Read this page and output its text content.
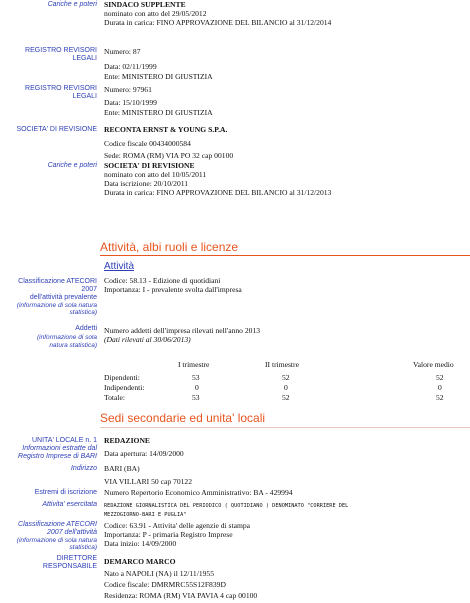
Cariche e poteri SINDACO SUPPLENTE
nominato con atto del 29/05/2012
Durata in carica: FINO APPROVAZIONE DEL BILANCIO al 31/12/2014
REGISTRO REVISORI
LEGALI
Numero: 87
Data: 02/11/1999
Ente: MINISTERO DI GIUSTIZIA
REGISTRO REVISORI
LEGALI
Numero: 97961
Data: 15/10/1999
Ente: MINISTERO DI GIUSTIZIA
SOCIETA' DI REVISIONE RECONTA ERNST & YOUNG S.P.A.
Codice fiscale 00434000584
Sede: ROMA (RM) VIA PO 32 cap 00100
Cariche e poteri SOCIETA' DI REVISIONE
nominato con atto del 10/05/2011
Data iscrizione: 20/10/2011
Durata in carica: FINO APPROVAZIONE DEL BILANCIO al 31/12/2013
Attività, albi ruoli e licenze
Attività
Classificazione ATECORI
2007
dell'attività prevalente
(informazione di sola natura
statistica)
Codice: 58.13 - Edizione di quotidiani
Importanza: I - prevalente svolta dall'impresa
Addetti
(informazione di sola
natura statistica)
Numero addetti dell'impresa rilevati nell'anno 2013
(Dati rilevati al 30/06/2013)
I trimestre	II trimestre	Valore medio
Dipendenti:	53	52	52
Indipendenti:	0	0	0
Totale:	53	52	52
Sedi secondarie ed unita' locali
UNITA' LOCALE n. 1
Informazioni estratte dal
Registro Imprese di BARI
REDAZIONE
Data apertura: 14/09/2000
Indirizzo BARI (BA)
VIA VILLARI 50 cap 70122
Estremi di iscrizione Numero Repertorio Economico Amministrativo: BA - 429994
Attivita' esercitata REDAZIONE GIORNALISTICA DEL PERIODICO ( QUOTIDIANO ) DENOMINATO "CORRIERE DEL
MEZZOGIORNO-BARI E PUGLIA"
Classificazione ATECORI
2007 dell'attività
(informazione di sola natura
statistica)
Codice: 63.91 - Attivita' delle agenzie di stampa
Importanza: P - primaria Registro Imprese
Data inizio: 14/09/2000
DIRETTORE
RESPONSABILE
DEMARCO MARCO
Nato a NAPOLI (NA) il 12/11/1955
Codice fiscale: DMRMRC55S12F839D
Residenza: ROMA (RM) VIA PAVIA 4 cap 00100
